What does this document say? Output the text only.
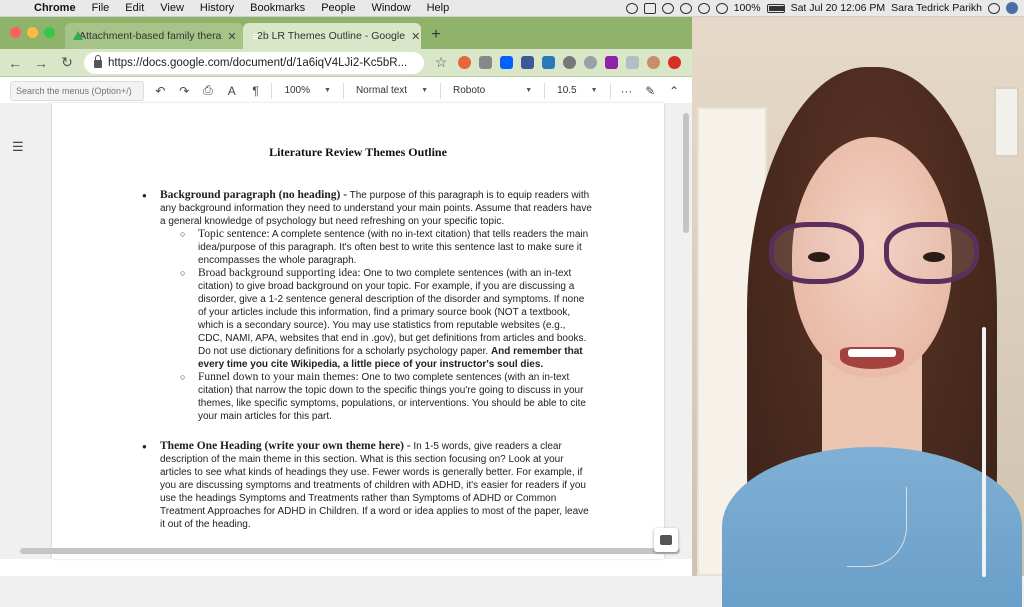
Chrome	File	Edit	View	History	Bookmarks	People	Window	Help	100%	Sat Jul 20 12:06 PM Sara Tedrick Parikh
Attachment-based family thera ✕ 2b LR Themes Outline - Google ✕ +
← → ↻	https://docs.google.com/document/d/1a6iqV4LJi2-Kc5bR... ☆
Search the menus (Option+/)
↶ ↷ ⎙	A	¶	100% ▼ Normal text ▼ Roboto	▼ 10.5 ▼ ··· ✎ ⌃
☰	Literature Review Themes Outline
● Background paragraph (no heading) - The purpose of this paragraph is to equip readers with any background information they need to understand your main points. Assume that readers have a general knowledge of psychology but need refreshing on your specific topic.
○ Topic sentence: A complete sentence (with no in-text citation) that tells readers the main idea/purpose of this paragraph. It's often best to write this sentence last to make sure it encompasses the whole paragraph.
○ Broad background supporting idea: One to two complete sentences (with an in-text citation) to give broad background on your topic. For example, if you are discussing a disorder, give a 1-2 sentence general description of the disorder and symptoms. If none of your articles include this information, find a primary source book (NOT a textbook, which is a secondary source). You may use statistics from reputable websites (e.g., CDC, NAMI, APA, websites that end in .gov), but get definitions from articles and books. Do not use dictionary definitions for a scholarly psychology paper. And remember that every time you cite Wikipedia, a little piece of your instructor's soul dies.
○ Funnel down to your main themes: One to two complete sentences (with an in-text citation) that narrow the topic down to the specific things you're going to discuss in your themes, like specific symptoms, populations, or interventions. You should be able to cite your main articles for this part.
● Theme One Heading (write your own theme here) - In 1-5 words, give readers a clear description of the main theme in this section. What is this section focusing on? Look at your articles to see what kinds of headings they use. Fewer words is generally better. For example, if you are discussing symptoms and treatments of children with ADHD, it's easier for readers if you use the headings Symptoms and Treatments rather than Symptoms of ADHD or Common Treatment Approaches for ADHD in Children. If a word or idea applies to most of the paper, leave it out of the heading.
